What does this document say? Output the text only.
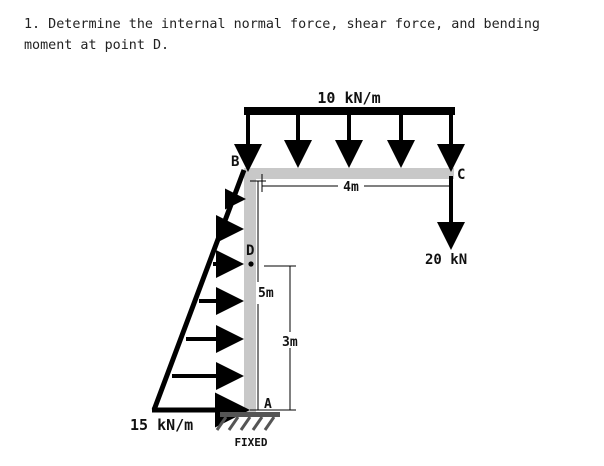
1. Determine the internal normal force, shear force, and bending moment at point D.

10 kN/m
20 kN
15 kN/m
B
C
D
4m
5m
3m
A
FIXED
